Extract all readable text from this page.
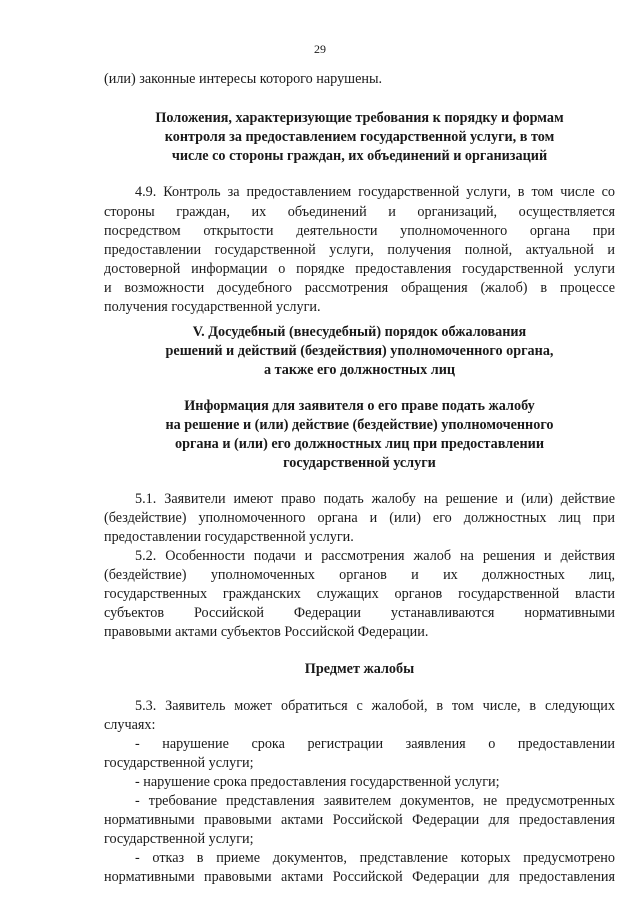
29

(или) законные интересы которого нарушены.

Положения, характеризующие требования к порядку и формам

контроля за предоставлением государственной услуги, в том

числе со стороны граждан, их объединений и организаций

4.9. Контроль за предоставлением государственной услуги, в том числе со

стороны граждан, их объединений и организаций, осуществляется

посредством открытости деятельности уполномоченного органа при

предоставлении государственной услуги, получения полной, актуальной и

достоверной информации о порядке предоставления государственной услуги

и возможности досудебного рассмотрения обращения (жалоб) в процессе

получения государственной услуги.

V. Досудебный (внесудебный) порядок обжалования

решений и действий (бездействия) уполномоченного органа,

а также его должностных лиц

Информация для заявителя о его праве подать жалобу

на решение и (или) действие (бездействие) уполномоченного

органа и (или) его должностных лиц при предоставлении

государственной услуги

5.1. Заявители имеют право подать жалобу на решение и (или) действие

(бездействие) уполномоченного органа и (или) его должностных лиц при

предоставлении государственной услуги.

5.2. Особенности подачи и рассмотрения жалоб на решения и действия

(бездействие) уполномоченных органов и их должностных лиц,

государственных гражданских служащих органов государственной власти

субъектов Российской Федерации устанавливаются нормативными

правовыми актами субъектов Российской Федерации.

Предмет жалобы

5.3. Заявитель может обратиться с жалобой, в том числе, в следующих

случаях:

- нарушение срока регистрации заявления о предоставлении

государственной услуги;

- нарушение срока предоставления государственной услуги;

- требование представления заявителем документов, не предусмотренных

нормативными правовыми актами Российской Федерации для предоставления

государственной услуги;

- отказ в приеме документов, представление которых предусмотрено

нормативными правовыми актами Российской Федерации для предоставления
